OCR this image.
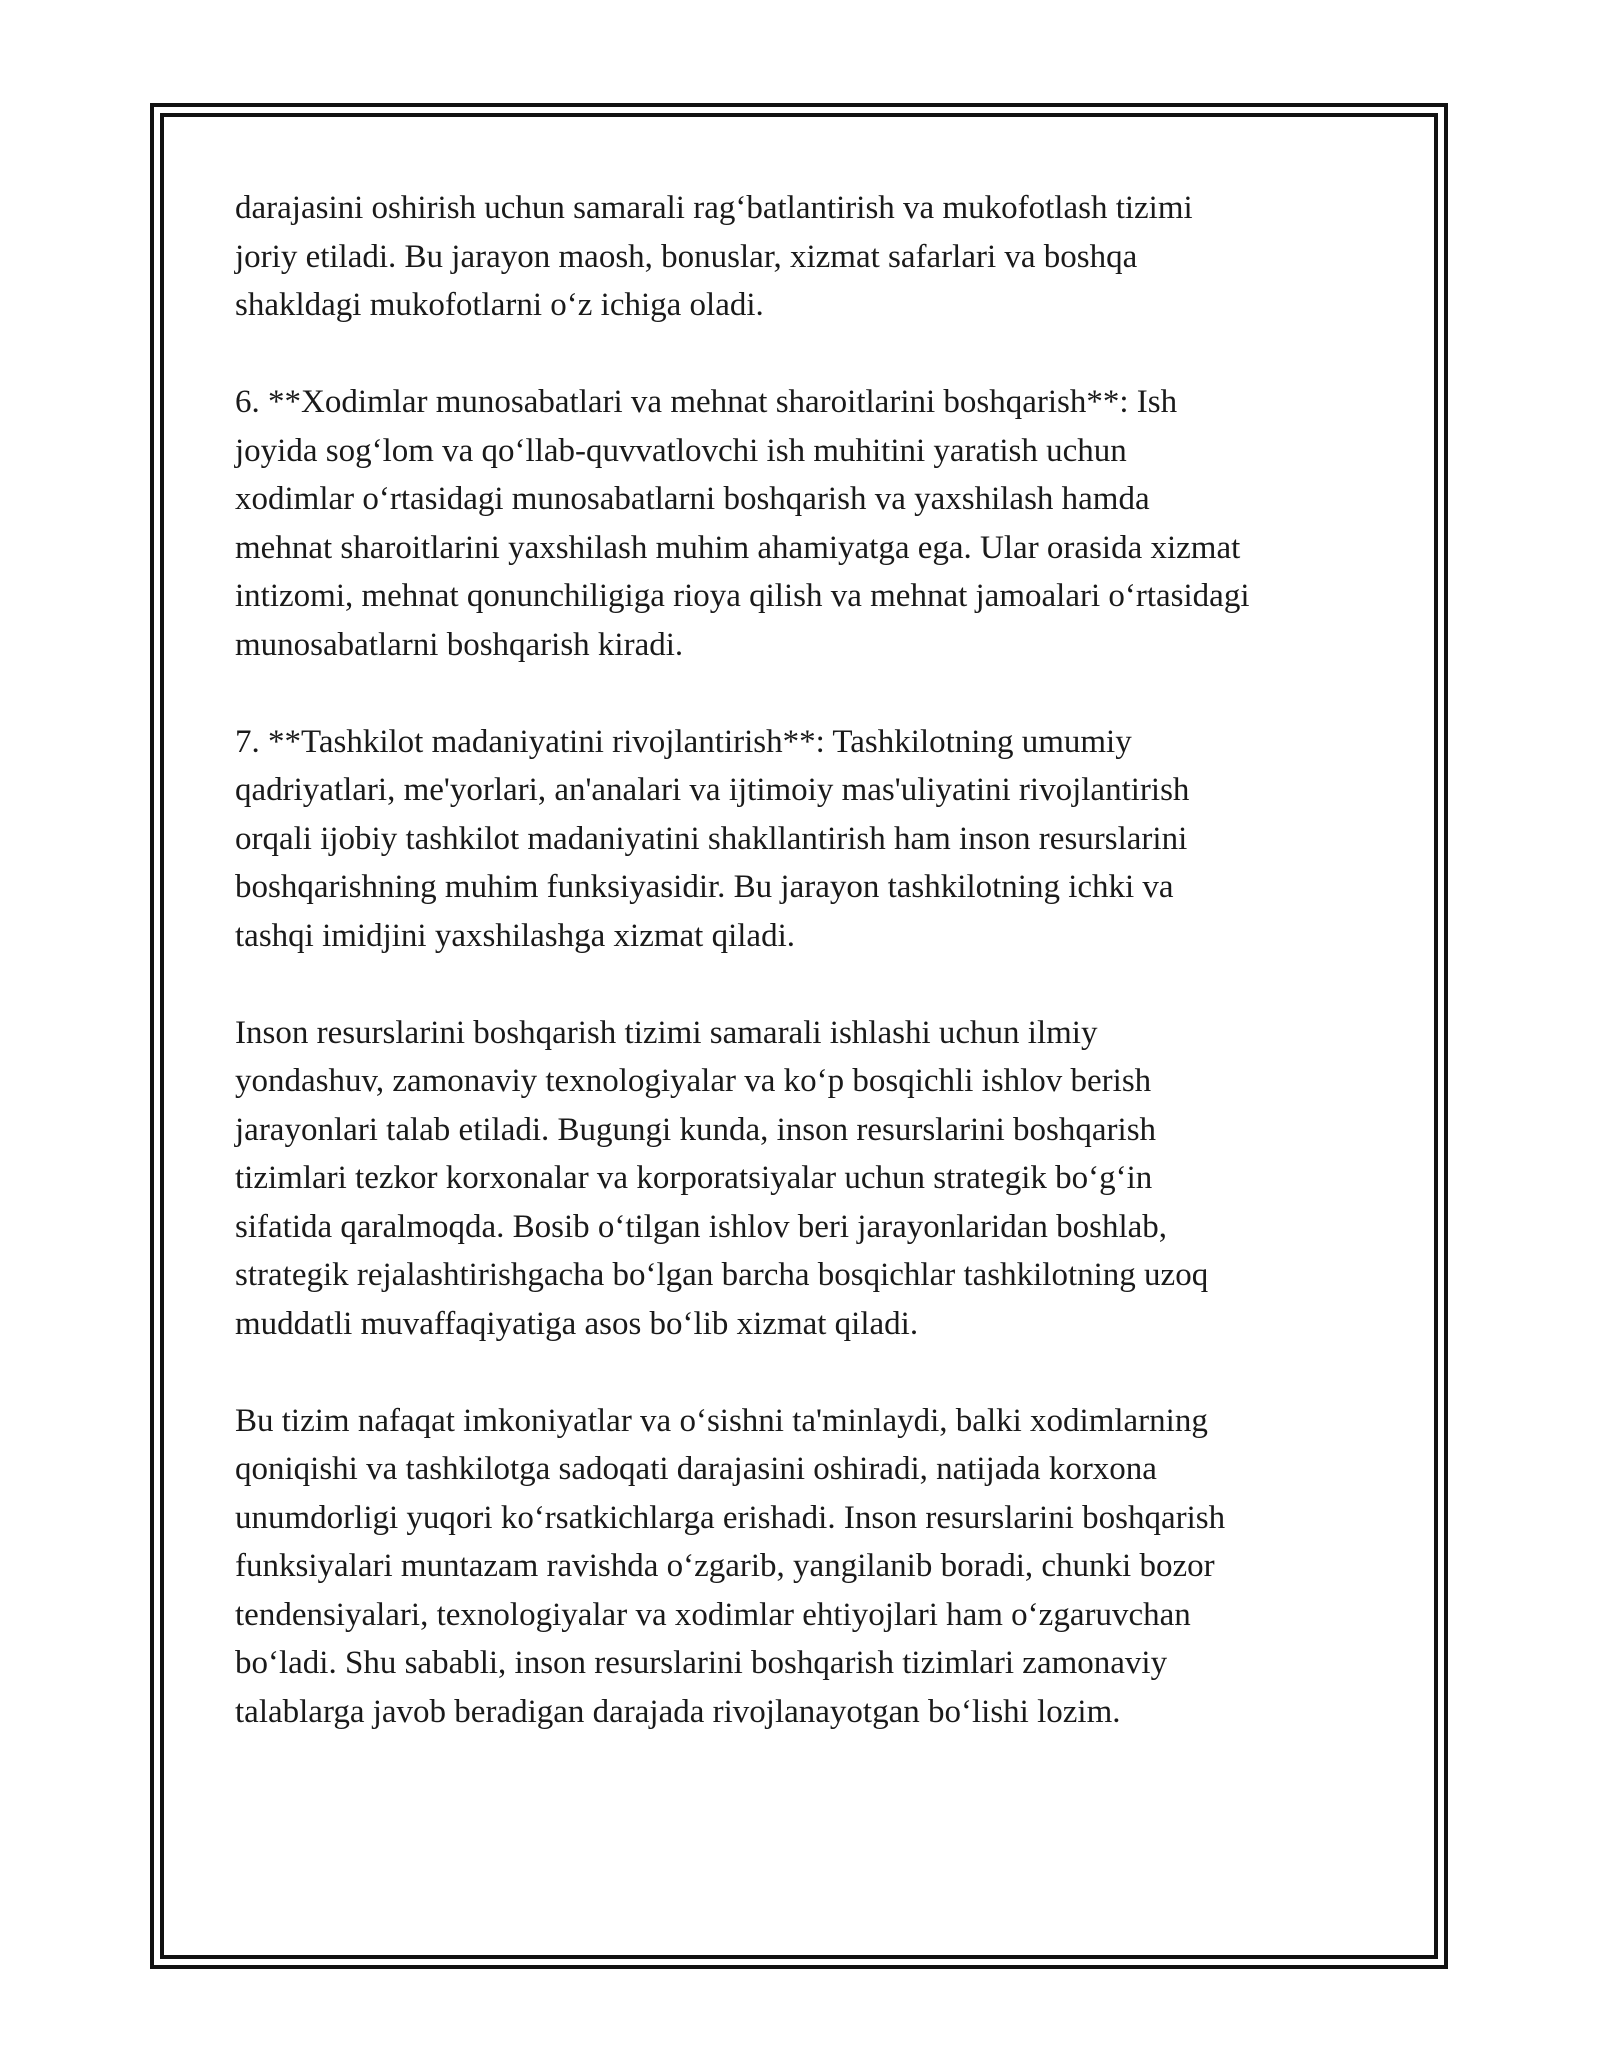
darajasini oshirish uchun samarali rag‘batlantirish va mukofotlash tizimi
joriy etiladi. Bu jarayon maosh, bonuslar, xizmat safarlari va boshqa
shakldagi mukofotlarni o‘z ichiga oladi.

6. **Xodimlar munosabatlari va mehnat sharoitlarini boshqarish**: Ish
joyida sog‘lom va qo‘llab-quvvatlovchi ish muhitini yaratish uchun
xodimlar o‘rtasidagi munosabatlarni boshqarish va yaxshilash hamda
mehnat sharoitlarini yaxshilash muhim ahamiyatga ega. Ular orasida xizmat
intizomi, mehnat qonunchiligiga rioya qilish va mehnat jamoalari o‘rtasidagi
munosabatlarni boshqarish kiradi.

7. **Tashkilot madaniyatini rivojlantirish**: Tashkilotning umumiy
qadriyatlari, me'yorlari, an'analari va ijtimoiy mas'uliyatini rivojlantirish
orqali ijobiy tashkilot madaniyatini shakllantirish ham inson resurslarini
boshqarishning muhim funksiyasidir. Bu jarayon tashkilotning ichki va
tashqi imidjini yaxshilashga xizmat qiladi.

Inson resurslarini boshqarish tizimi samarali ishlashi uchun ilmiy
yondashuv, zamonaviy texnologiyalar va ko‘p bosqichli ishlov berish
jarayonlari talab etiladi. Bugungi kunda, inson resurslarini boshqarish
tizimlari tezkor korxonalar va korporatsiyalar uchun strategik bo‘g‘in
sifatida qaralmoqda. Bosib o‘tilgan ishlov beri jarayonlaridan boshlab,
strategik rejalashtirishgacha bo‘lgan barcha bosqichlar tashkilotning uzoq
muddatli muvaffaqiyatiga asos bo‘lib xizmat qiladi.

Bu tizim nafaqat imkoniyatlar va o‘sishni ta'minlaydi, balki xodimlarning
qoniqishi va tashkilotga sadoqati darajasini oshiradi, natijada korxona
unumdorligi yuqori ko‘rsatkichlarga erishadi. Inson resurslarini boshqarish
funksiyalari muntazam ravishda o‘zgarib, yangilanib boradi, chunki bozor
tendensiyalari, texnologiyalar va xodimlar ehtiyojlari ham o‘zgaruvchan
bo‘ladi. Shu sababli, inson resurslarini boshqarish tizimlari zamonaviy
talablarga javob beradigan darajada rivojlanayotgan bo‘lishi lozim.
